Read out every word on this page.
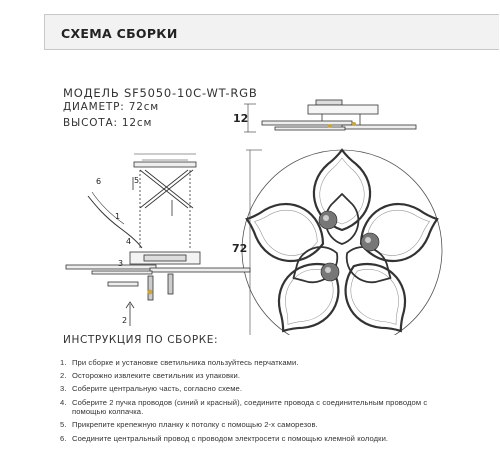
СХЕМА СБОРКИ
МОДЕЛЬ SF5050-10C-WT-RGB
ДИАМЕТР: 72см
ВЫСОТА: 12см	12
72
1
2
3
4
5
6
ИНСТРУКЦИЯ ПО СБОРКЕ:
1. При сборке и установке светильника пользуйтесь перчатками.
2. Осторожно извлеките светильник из упаковки.
3. Соберите центральную часть, согласно схеме.
4. Соберите 2 пучка проводов (синий и красный), соедините провода с соединительным проводом с помощью колпачка.
5. Прикрепите крепежную планку к потолку с помощью 2-х саморезов.
6. Соедините центральный провод с проводом электросети с помощью клемной колодки.
